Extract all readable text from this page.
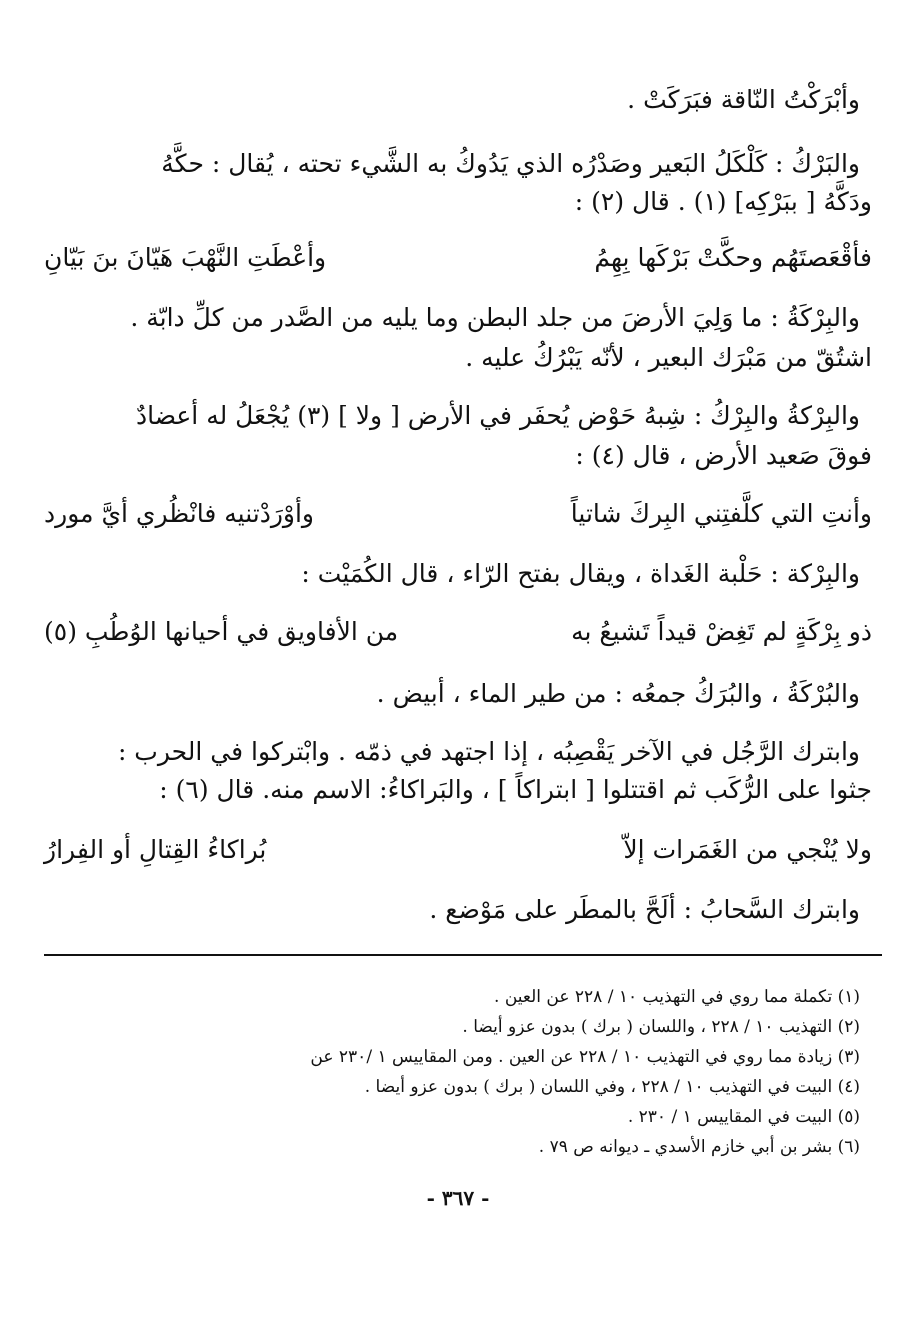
وأبْرَكْتُ النّاقة فبَرَكَتْ .
والبَرْكُ : كَلْكَلُ البَعير وصَدْرُه الذي يَدُوكُ به الشَّيء تحته ، يُقال : حكَّهُ
ودَكَّهُ [ ببَرْكِه] (١) . قال (٢) :
فأقْعَصتَهُم وحكَّتْ بَرْكَها بِهِمُ
وأعْطَتِ النَّهْبَ هَيّانَ بنَ بَيّانِ
والبِرْكَةُ : ما وَلِيَ الأرضَ من جلد البطن وما يليه من الصَّدر من كلِّ دابّة .
اشتُقّ من مَبْرَك البعير ، لأنّه يَبْرُكُ عليه .
والبِرْكةُ والبِرْكُ : شِبهُ حَوْض يُحفَر في الأرض [ ولا ] (٣) يُجْعَلُ له أعضادٌ
فوقَ صَعيد الأرض ، قال (٤) :
وأنتِ التي كلَّفتِني البِركَ شاتياً
وأوْرَدْتنيه فانْظُري أيَّ مورد
والبِرْكة : حَلْبة الغَداة ، ويقال بفتح الرّاء ، قال الكُمَيْت :
ذو بِرْكَةٍ لم تَغِضْ قيداً تَشيعُ به
من الأفاويق في أحيانها الوُطُبِ (٥)
والبُرْكَةُ ، والبُرَكُ جمعُه : من طير الماء ، أبيض .
وابترك الرَّجُل في الآخر يَقْصِبُه ، إذا اجتهد في ذمّه . وابْتركوا في الحرب :
جثوا على الرُّكَب ثم اقتتلوا [ ابتراكاً ] ، والبَراكاءُ: الاسم منه. قال (٦) :
ولا يُنْجي من الغَمَرات إلاّ
بُراكاءُ القِتالِ أو الفِرارُ
وابترك السَّحابُ : ألَحَّ بالمطَر على مَوْضع .
(١) تكملة مما روي في التهذيب ١٠ / ٢٢٨ عن العين .
(٢) التهذيب ١٠ / ٢٢٨ ، واللسان ( برك ) بدون عزو أيضا .
(٣) زيادة مما روي في التهذيب ١٠ / ٢٢٨ عن العين . ومن المقاييس ١ /٢٣٠ عن
(٤) البيت في التهذيب ١٠ / ٢٢٨ ، وفي اللسان ( برك ) بدون عزو أيضا .
(٥) البيت في المقاييس ١ / ٢٣٠ .
(٦) بشر بن أبي خازم الأسدي ـ ديوانه ص ٧٩ .
- ٣٦٧ -
